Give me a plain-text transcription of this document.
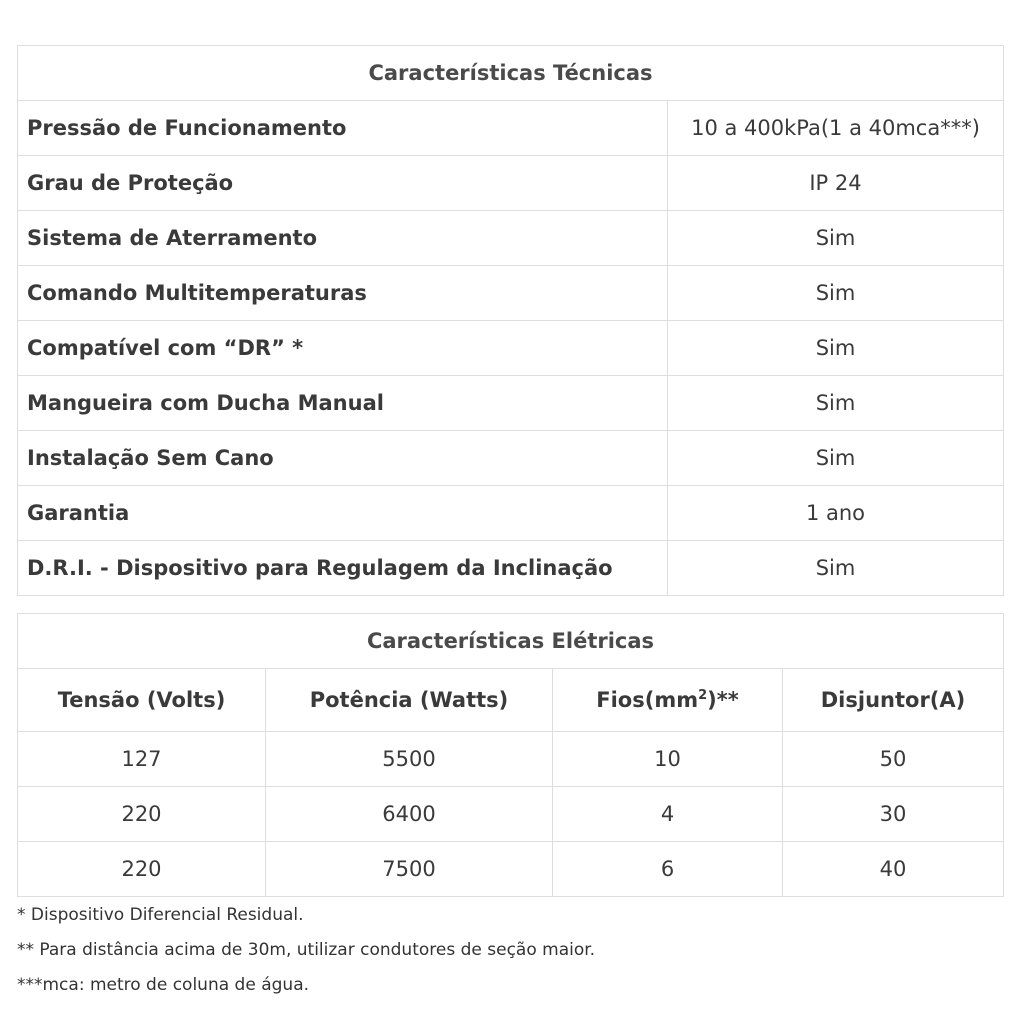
Características Técnicas	
Pressão de Funcionamento	10 a 400kPa(1 a 40mca***)
Grau de Proteção	IP 24
Sistema de Aterramento	Sim
Comando Multitemperaturas	Sim
Compatível com “DR” *	Sim
Mangueira com Ducha Manual	Sim
Instalação Sem Cano	Sim
Garantia	1 ano
D.R.I. - Dispositivo para Regulagem da Inclinação	Sim
Características Elétricas			
Tensão (Volts)	Potência (Watts)	$Fios(mm^2)**$	Disjuntor(A)
127	5500	10	50
220	6400	4	30
220	7500	6	40
* Dispositivo Diferencial Residual.
** Para distância acima de 30m, utilizar condutores de seção maior.
***mca: metro de coluna de água.
